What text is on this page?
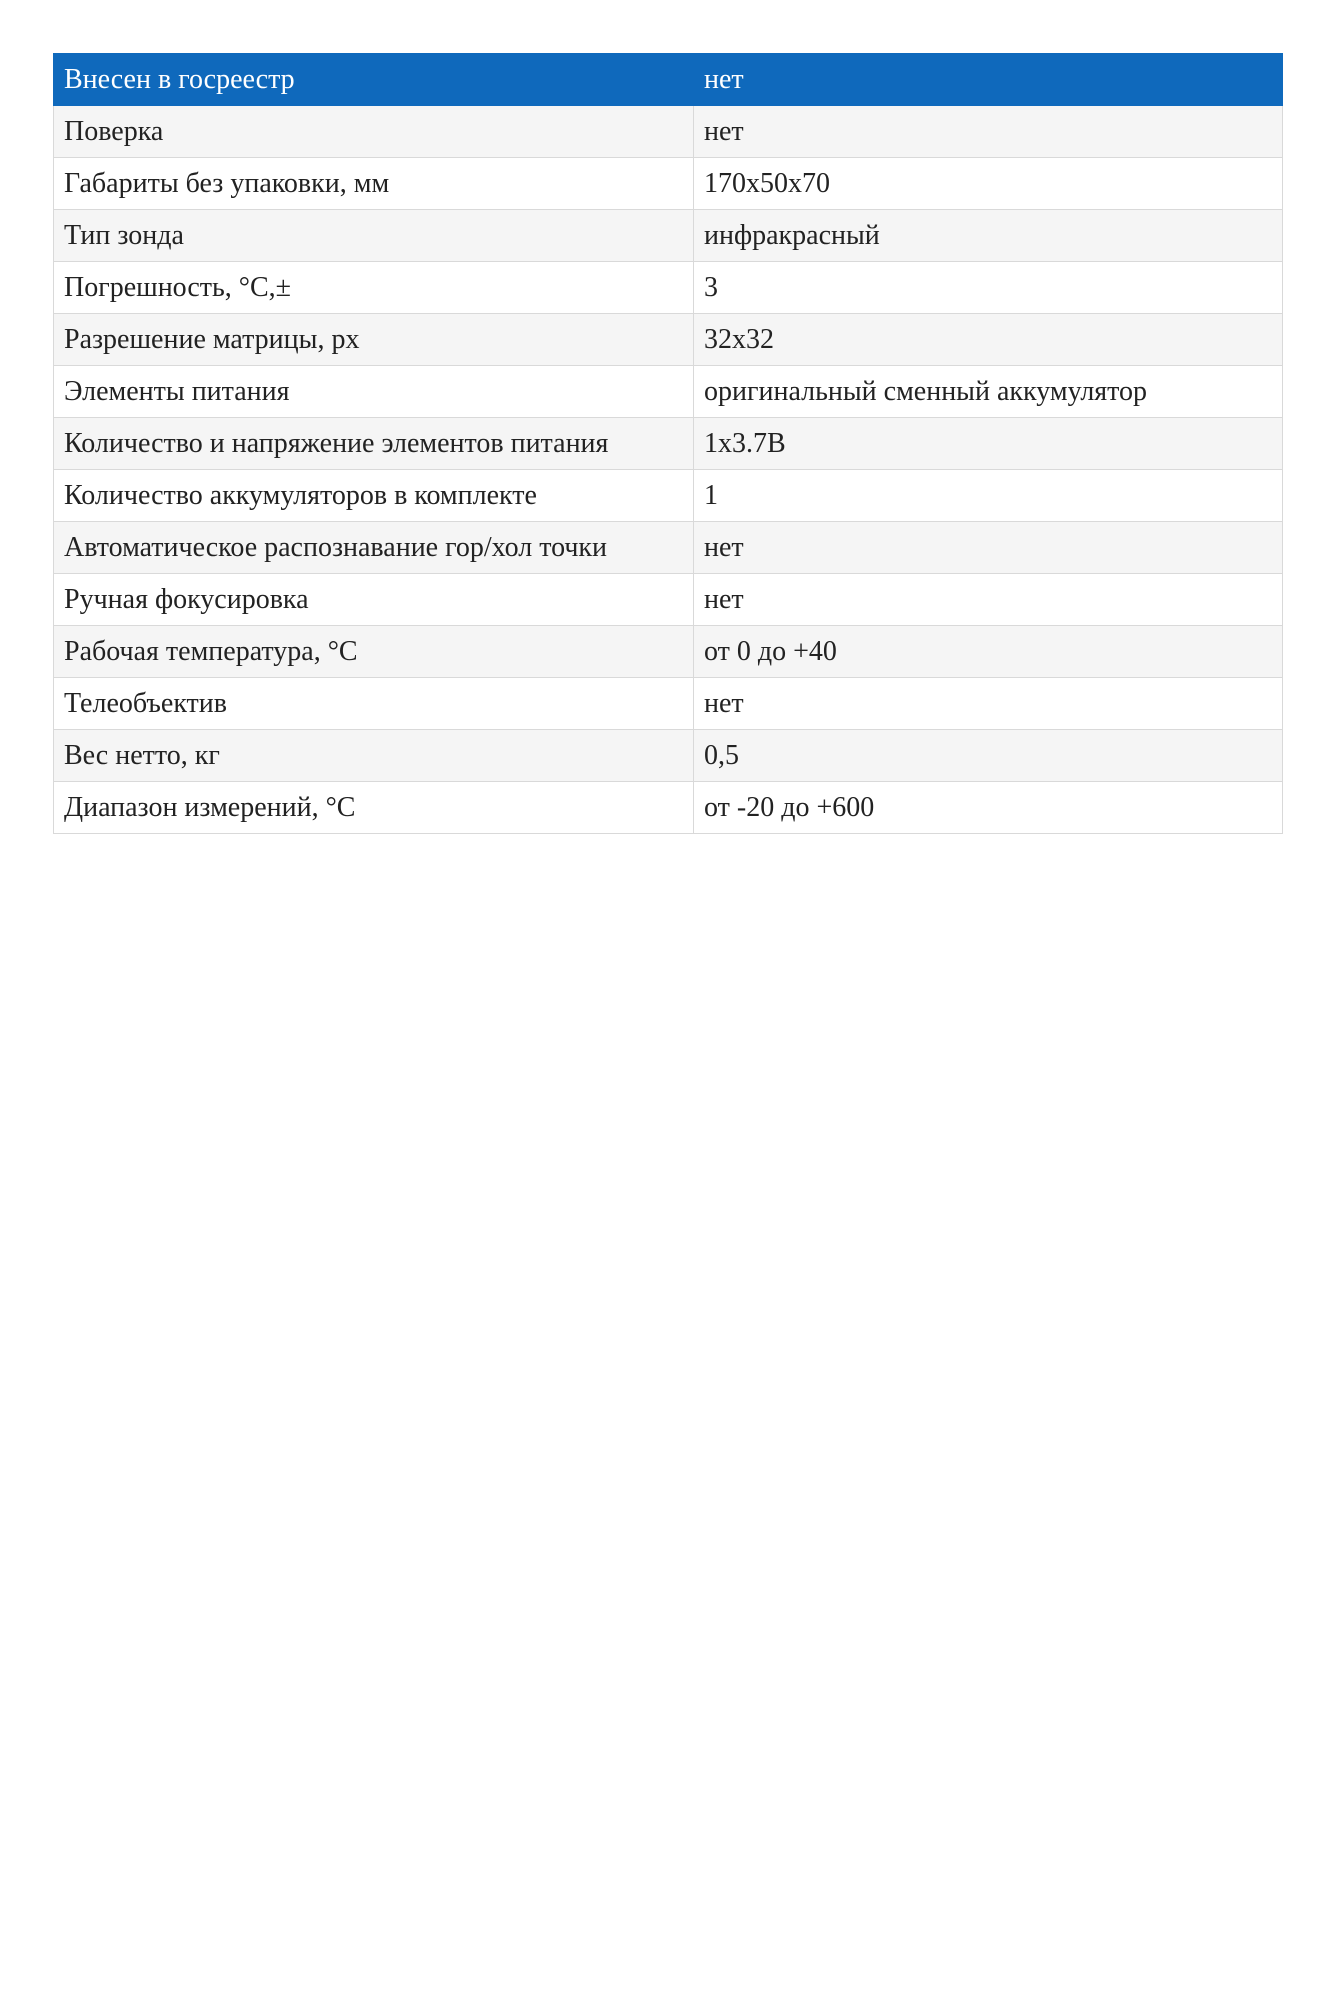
Внесен в госреестр	нет
Поверка	нет
Габариты без упаковки, мм	170x50x70
Тип зонда	инфракрасный
Погрешность, °C,±	3
Разрешение матрицы, px	32x32
Элементы питания	оригинальный сменный аккумулятор
Количество и напряжение элементов питания	1x3.7В
Количество аккумуляторов в комплекте	1
Автоматическое распознавание гор/хол точки	нет
Ручная фокусировка	нет
Рабочая температура, °C	от 0 до +40
Телеобъектив	нет
Вес нетто, кг	0,5
Диапазон измерений, °C	от -20 до +600
